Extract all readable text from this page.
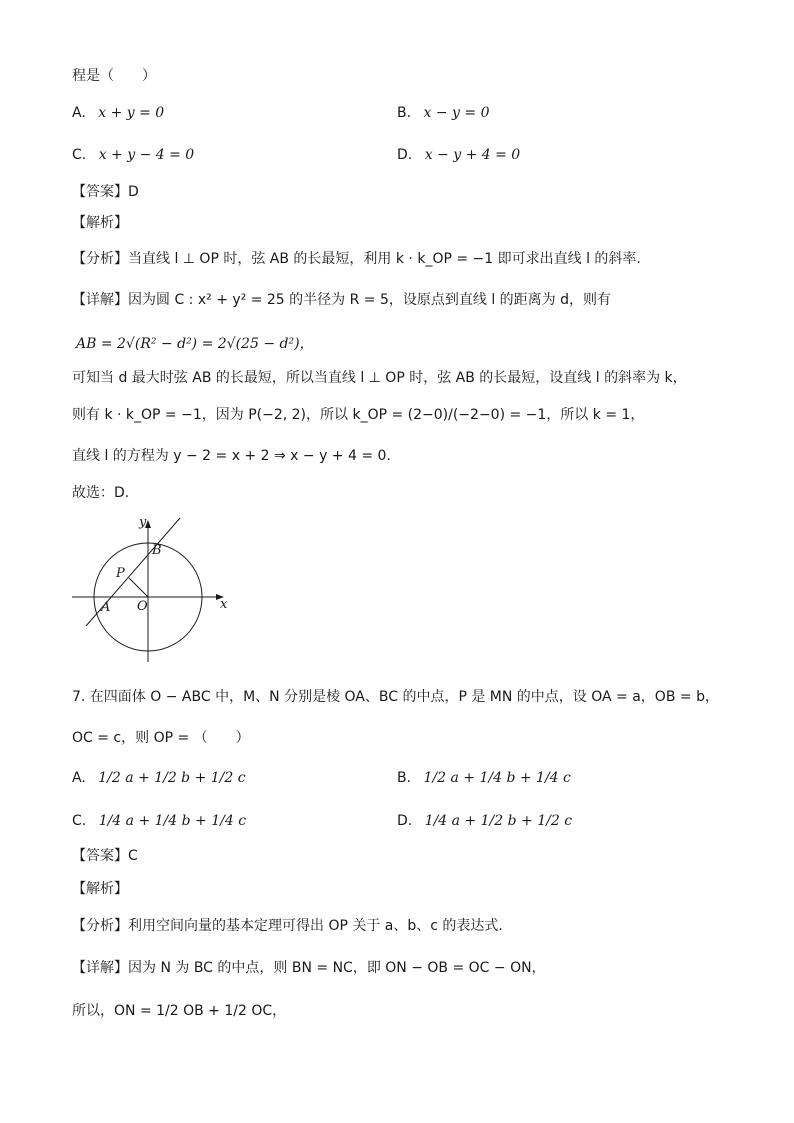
程是（　　）
A. x + y = 0	B. x − y = 0
C. x + y − 4 = 0	D. x − y + 4 = 0
【答案】D
【解析】
【分析】当直线 l ⊥ OP 时，弦 AB 的长最短，利用 k · k_OP = −1 即可求出直线 l 的斜率.
【详解】因为圆 C : x² + y² = 25 的半径为 R = 5，设原点到直线 l 的距离为 d，则有
AB = 2√(R² − d²) = 2√(25 − d²)，
可知当 d 最大时弦 AB 的长最短，所以当直线 l ⊥ OP 时，弦 AB 的长最短，设直线 l 的斜率为 k，
则有 k · k_OP = −1，因为 P(−2, 2)，所以 k_OP = (2−0)/(−2−0) = −1，所以 k = 1，
直线 l 的方程为 y − 2 = x + 2 ⇒ x − y + 4 = 0.
故选：D.
y
x
B
P
A O
7. 在四面体 O − ABC 中，M、N 分别是棱 OA、BC 的中点，P 是 MN 的中点，设 OA = a，OB = b，
OC = c，则 OP = （　　）
A. 1/2 a + 1/2 b + 1/2 c	B. 1/2 a + 1/4 b + 1/4 c
C. 1/4 a + 1/4 b + 1/4 c	D. 1/4 a + 1/2 b + 1/2 c
【答案】C
【解析】
【分析】利用空间向量的基本定理可得出 OP 关于 a、b、c 的表达式.
【详解】因为 N 为 BC 的中点，则 BN = NC，即 ON − OB = OC − ON，
所以，ON = 1/2 OB + 1/2 OC，
